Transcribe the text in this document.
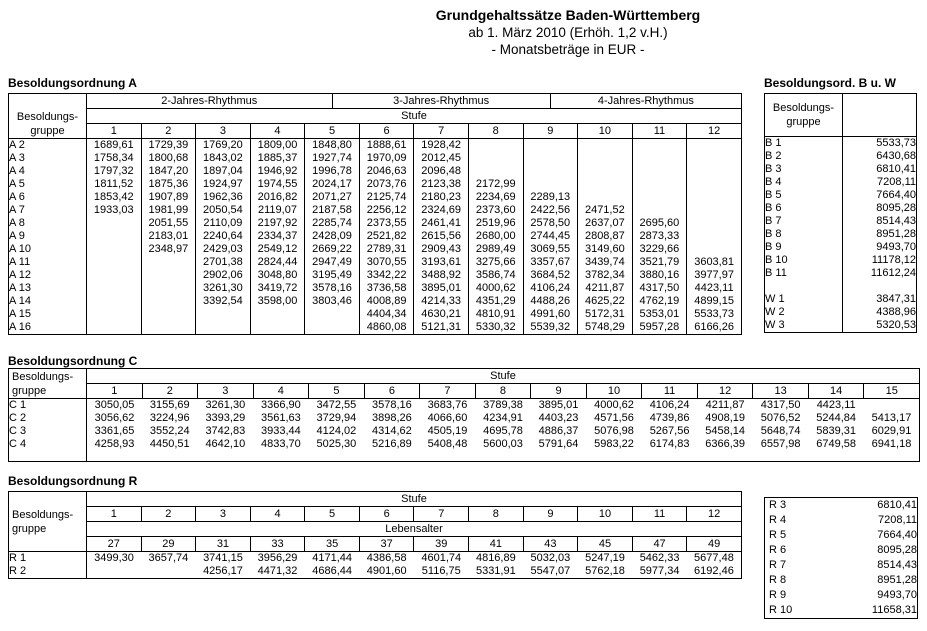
Grundgehaltssätze Baden-Württemberg
ab 1. März 2010 (Erhöh. 1,2 v.H.)
- Monatsbeträge in EUR -
Besoldungsordnung A	Besoldungsord. B u. W
Besoldungsordnung C
Besoldungsordnung R
Besoldungs-
gruppe	2-Jahres-Rhythmus					3-Jahres-Rhythmus					4-Jahres-Rhythmus			
	Stufe													
	1	2	3	4	5		6	7	8	9		10	11	12
A 2	1689,61	1729,39	1769,20	1809,00	1848,80		1888,61	1928,42						
A 3	1758,34	1800,68	1843,02	1885,37	1927,74		1970,09	2012,45						
A 4	1797,32	1847,20	1897,04	1946,92	1996,78		2046,63	2096,48						
A 5	1811,52	1875,36	1924,97	1974,55	2024,17		2073,76	2123,38	2172,99					
A 6	1853,42	1907,89	1962,36	2016,82	2071,27		2125,74	2180,23	2234,69	2289,13				
A 7	1933,03	1981,99	2050,54	2119,07	2187,58		2256,12	2324,69	2373,60	2422,56		2471,52		
A 8		2051,55	2110,09	2197,92	2285,74		2373,55	2461,41	2519,96	2578,50		2637,07	2695,60	
A 9		2183,01	2240,64	2334,37	2428,09		2521,82	2615,56	2680,00	2744,45		2808,87	2873,33	
A 10		2348,97	2429,03	2549,12	2669,22		2789,31	2909,43	2989,49	3069,55		3149,60	3229,66	
A 11			2701,38	2824,44	2947,49		3070,55	3193,61	3275,66	3357,67		3439,74	3521,79	3603,81
A 12			2902,06	3048,80	3195,49		3342,22	3488,92	3586,74	3684,52		3782,34	3880,16	3977,97
A 13			3261,30	3419,72	3578,16		3736,58	3895,01	4000,62	4106,24		4211,87	4317,50	4423,11
A 14			3392,54	3598,00	3803,46		4008,89	4214,33	4351,29	4488,26		4625,22	4762,19	4899,15
A 15							4404,34	4630,21	4810,91	4991,60		5172,31	5353,01	5533,73
A 16							4860,08	5121,31	5330,32	5539,32		5748,29	5957,28	6166,26
Besoldungs-
gruppe	
B 1	5533,73
B 2	6430,68
B 3	6810,41
B 4	7208,11
B 5	7664,40
B 6	8095,28
B 7	8514,43
B 8	8951,28
B 9	9493,70
B 10	11178,12
B 11	11612,24

W 1	3847,31
W 2	4388,96
W 3	5320,53
Besoldungs-
gruppe	Stufe														
	1	2	3	4	5	6	7	8	9	10	11	12	13	14	15
C 1	3050,05	3155,69	3261,30	3366,90	3472,55	3578,16	3683,76	3789,38	3895,01	4000,62	4106,24	4211,87	4317,50	4423,11	
C 2	3056,62	3224,96	3393,29	3561,63	3729,94	3898,26	4066,60	4234,91	4403,23	4571,56	4739,86	4908,19	5076,52	5244,84	5413,17
C 3	3361,65	3552,24	3742,83	3933,44	4124,02	4314,62	4505,19	4695,78	4886,37	5076,98	5267,56	5458,14	5648,74	5839,31	6029,91
C 4	4258,93	4450,51	4642,10	4833,70	5025,30	5216,89	5408,48	5600,03	5791,64	5983,22	6174,83	6366,39	6557,98	6749,58	6941,18

Besoldungs-
gruppe	Stufe											
	1	2	3	4	5	6	7	8	9	10	11	12
	Lebensalter											
	27	29	31	33	35	37	39	41	43	45	47	49
R 1	3499,30	3657,74	3741,15	3956,29	4171,44	4386,58	4601,74	4816,89	5032,03	5247,19	5462,33	5677,48
R 2			4256,17	4471,32	4686,44	4901,60	5116,75	5331,91	5547,07	5762,18	5977,34	6192,46
R 3	6810,41
R 4	7208,11
R 5	7664,40
R 6	8095,28
R 7	8514,43
R 8	8951,28
R 9	9493,70
R 10	11658,31
